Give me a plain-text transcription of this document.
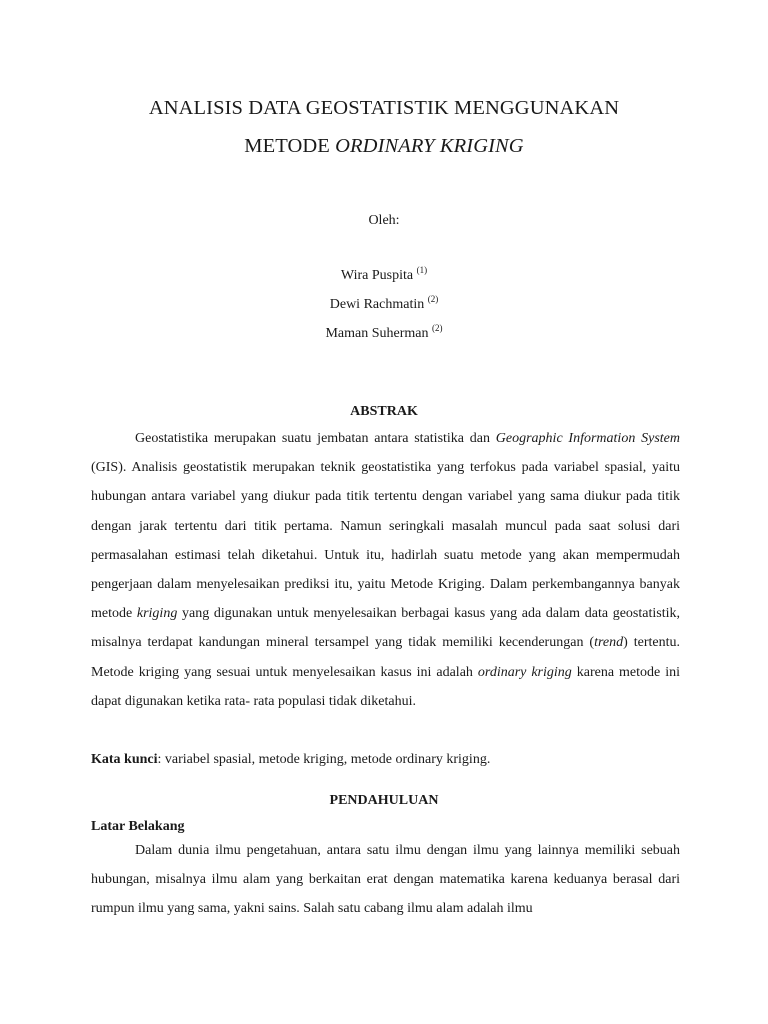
ANALISIS DATA GEOSTATISTIK MENGGUNAKAN
METODE ORDINARY KRIGING
Oleh:
Wira Puspita $^{(1)}$
Dewi Rachmatin $^{(2)}$
Maman Suherman $^{(2)}$
ABSTRAK

Geostatistika merupakan suatu jembatan antara statistika dan Geographic Information System (GIS). Analisis geostatistik merupakan teknik geostatistika yang terfokus pada variabel spasial, yaitu hubungan antara variabel yang diukur pada titik tertentu dengan variabel yang sama diukur pada titik dengan jarak tertentu dari titik pertama. Namun seringkali masalah muncul pada saat solusi dari permasalahan estimasi telah diketahui. Untuk itu, hadirlah suatu metode yang akan mempermudah pengerjaan dalam menyelesaikan prediksi itu, yaitu Metode Kriging. Dalam perkembangannya banyak metode kriging yang digunakan untuk menyelesaikan berbagai kasus yang ada dalam data geostatistik, misalnya terdapat kandungan mineral tersampel yang tidak memiliki kecenderungan (trend) tertentu. Metode kriging yang sesuai untuk menyelesaikan kasus ini adalah ordinary kriging karena metode ini dapat digunakan ketika rata- rata populasi tidak diketahui.

Kata kunci: variabel spasial, metode kriging, metode ordinary kriging.

PENDAHULUAN
Latar Belakang

Dalam dunia ilmu pengetahuan, antara satu ilmu dengan ilmu yang lainnya memiliki sebuah hubungan, misalnya ilmu alam yang berkaitan erat dengan matematika karena keduanya berasal dari rumpun ilmu yang sama, yakni sains. Salah satu cabang ilmu alam adalah ilmu
